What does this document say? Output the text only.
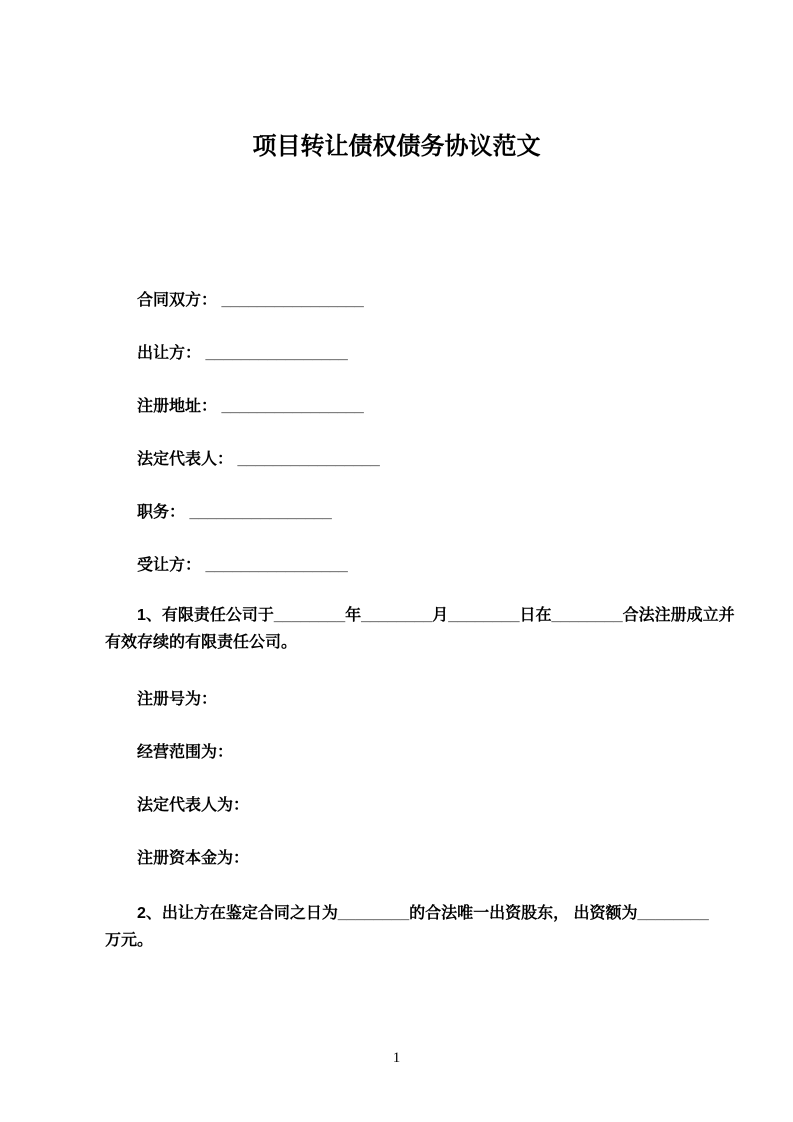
项目转让债权债务协议范文

合同双方： ________________

出让方： ________________

注册地址： ________________

法定代表人： ________________

职务： ________________

受让方： ________________

1、有限责任公司于________年________月________日在________合法注册成立并
有效存续的有限责任公司。

注册号为：

经营范围为：

法定代表人为：

注册资本金为：

2、出让方在鉴定合同之日为________的合法唯一出资股东， 出资额为________
万元。
1
